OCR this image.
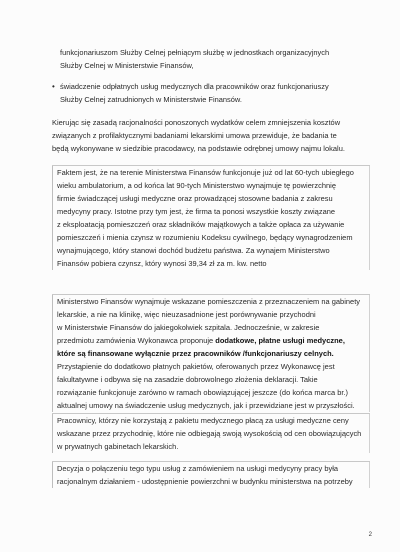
funkcjonariuszom Służby Celnej pełniącym służbę w jednostkach organizacyjnych
Służby Celnej w Ministerstwie Finansów,
• świadczenie odpłatnych usług medycznych dla pracowników oraz funkcjonariuszy
Służby Celnej zatrudnionych w Ministerstwie Finansów.
Kierując się zasadą racjonalności ponoszonych wydatków celem zmniejszenia kosztów
związanych z profilaktycznymi badaniami lekarskimi umowa przewiduje, że badania te
będą wykonywane w siedzibie pracodawcy, na podstawie odrębnej umowy najmu lokalu.
Faktem jest, że na terenie Ministerstwa Finansów funkcjonuje już od lat 60-tych ubiegłego
wieku ambulatorium, a od końca lat 90-tych Ministerstwo wynajmuje tę powierzchnię
firmie świadczącej usługi medyczne oraz prowadzącej stosowne badania z zakresu
medycyny pracy. Istotne przy tym jest, że firma ta ponosi wszystkie koszty związane
z eksploatacją pomieszczeń oraz składników majątkowych a także opłaca za używanie
pomieszczeń i mienia czynsz w rozumieniu Kodeksu cywilnego, będący wynagrodzeniem
wynajmującego, który stanowi dochód budżetu państwa. Za wynajem Ministerstwo
Finansów pobiera czynsz, który wynosi 39,34 zł za m. kw. netto
Ministerstwo Finansów wynajmuje wskazane pomieszczenia z przeznaczeniem na gabinety
lekarskie, a nie na klinikę, więc nieuzasadnione jest porównywanie przychodni
w Ministerstwie Finansów do jakiegokolwiek szpitala. Jednocześnie, w zakresie
przedmiotu zamówienia Wykonawca proponuje dodatkowe, płatne usługi medyczne,
które są finansowane wyłącznie przez pracowników /funkcjonariuszy celnych.
Przystąpienie do dodatkowo płatnych pakietów, oferowanych przez Wykonawcę jest
fakultatywne i odbywa się na zasadzie dobrowolnego złożenia deklaracji. Takie
rozwiązanie funkcjonuje zarówno w ramach obowiązującej jeszcze (do końca marca br.)
aktualnej umowy na świadczenie usług medycznych, jak i przewidziane jest w przyszłości.
Pracownicy, którzy nie korzystają z pakietu medycznego płacą za usługi medyczne ceny
wskazane przez przychodnię, które nie odbiegają swoją wysokością od cen obowiązujących
w prywatnych gabinetach lekarskich.
Decyzja o połączeniu tego typu usług z zamówieniem na usługi medycyny pracy była
racjonalnym działaniem - udostępnienie powierzchni w budynku ministerstwa na potrzeby
2
